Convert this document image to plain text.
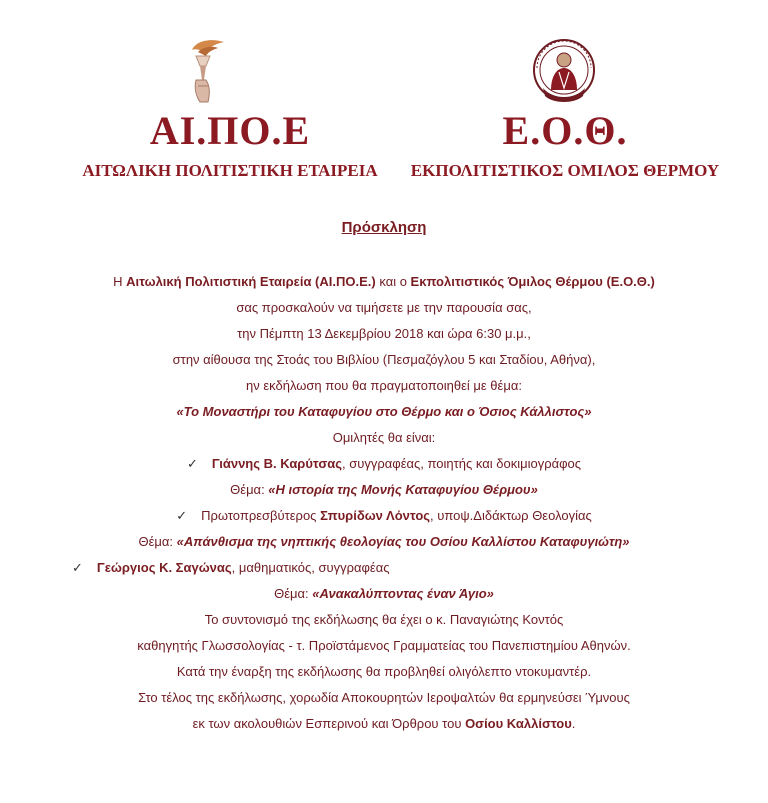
ΑΙ.ΠΟ.Ε
ΑΙΤΩΛΙΚΗ ΠΟΛΙΤΙΣΤΙΚΗ ΕΤΑΙΡΕΙΑ
Ε.Ο.Θ.
ΕΚΠΟΛΙΤΙΣΤΙΚΟΣ ΟΜΙΛΟΣ ΘΕΡΜΟΥ
Πρόσκληση
Η Αιτωλική Πολιτιστική Εταιρεία (ΑΙ.ΠΟ.Ε.) και ο Εκπολιτιστικός Όμιλος Θέρμου (Ε.Ο.Θ.)
σας προσκαλούν να τιμήσετε με την παρουσία σας,
την Πέμπτη 13 Δεκεμβρίου 2018 και ώρα 6:30 μ.μ.,
στην αίθουσα της Στοάς του Βιβλίου (Πεσμαζόγλου 5 και Σταδίου, Αθήνα),
ην εκδήλωση που θα πραγματοποιηθεί με θέμα:
«Το Μοναστήρι του Καταφυγίου στο Θέρμο και ο Όσιος Κάλλιστος»
Ομιλητές θα είναι:
✓ Γιάννης Β. Καρύτσας, συγγραφέας, ποιητής και δοκιμιογράφος
Θέμα: «Η ιστορία της Μονής Καταφυγίου Θέρμου»
✓ Πρωτοπρεσβύτερος Σπυρίδων Λόντος, υποψ.Διδάκτωρ Θεολογίας
Θέμα: «Απάνθισμα της νηπτικής θεολογίας του Οσίου Καλλίστου Καταφυγιώτη»
✓ Γεώργιος Κ. Σαγώνας, μαθηματικός, συγγραφέας
Θέμα: «Ανακαλύπτοντας έναν Άγιο»
Το συντονισμό της εκδήλωσης θα έχει ο κ. Παναγιώτης Κοντός
καθηγητής Γλωσσολογίας - τ. Προϊστάμενος Γραμματείας του Πανεπιστημίου Αθηνών.
Κατά την έναρξη της εκδήλωσης θα προβληθεί ολιγόλεπτο ντοκυμαντέρ.
Στο τέλος της εκδήλωσης, χορωδία Αποκουρητών Ιεροψαλτών θα ερμηνεύσει Ύμνους
εκ των ακολουθιών Εσπερινού και Όρθρου του Οσίου Καλλίστου.
